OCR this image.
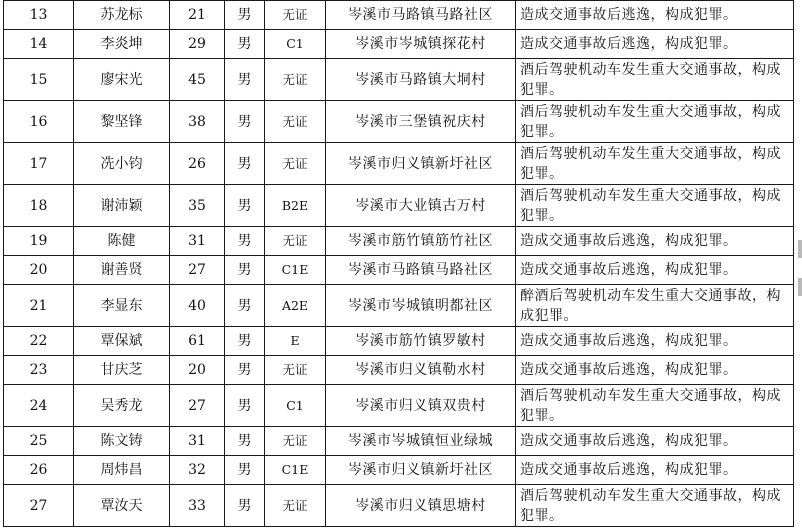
13	苏龙标	21	男	无证	岑溪市马路镇马路社区	造成交通事故后逃逸，构成犯罪。
14	李炎坤	29	男	C1	岑溪市岑城镇探花村	造成交通事故后逃逸，构成犯罪。
15	廖宋光	45	男	无证	岑溪市马路镇大垌村	酒后驾驶机动车发生重大交通事故，构成犯罪。
16	黎坚锋	38	男	无证	岑溪市三堡镇祝庆村	酒后驾驶机动车发生重大交通事故，构成犯罪。
17	冼小钧	26	男	无证	岑溪市归义镇新圩社区	酒后驾驶机动车发生重大交通事故，构成犯罪。
18	谢沛颖	35	男	B2E	岑溪市大业镇古万村	酒后驾驶机动车发生重大交通事故，构成犯罪。
19	陈健	31	男	无证	岑溪市筋竹镇筋竹社区	造成交通事故后逃逸，构成犯罪。
20	谢善贤	27	男	C1E	岑溪市马路镇马路社区	造成交通事故后逃逸，构成犯罪。
21	李显东	40	男	A2E	岑溪市岑城镇明都社区	醉酒后驾驶机动车发生重大交通事故，构成犯罪。
22	覃保斌	61	男	E	岑溪市筋竹镇罗敏村	造成交通事故后逃逸，构成犯罪。
23	甘庆芝	20	男	无证	岑溪市归义镇勒水村	造成交通事故后逃逸，构成犯罪。
24	吴秀龙	27	男	C1	岑溪市归义镇双贵村	酒后驾驶机动车发生重大交通事故，构成犯罪。
25	陈文铸	31	男	无证	岑溪市岑城镇恒业绿城	造成交通事故后逃逸，构成犯罪。
26	周炜昌	32	男	C1E	岑溪市归义镇新圩社区	造成交通事故后逃逸，构成犯罪。
27	覃汝天	33	男	无证	岑溪市归义镇思塘村	酒后驾驶机动车发生重大交通事故，构成犯罪。
